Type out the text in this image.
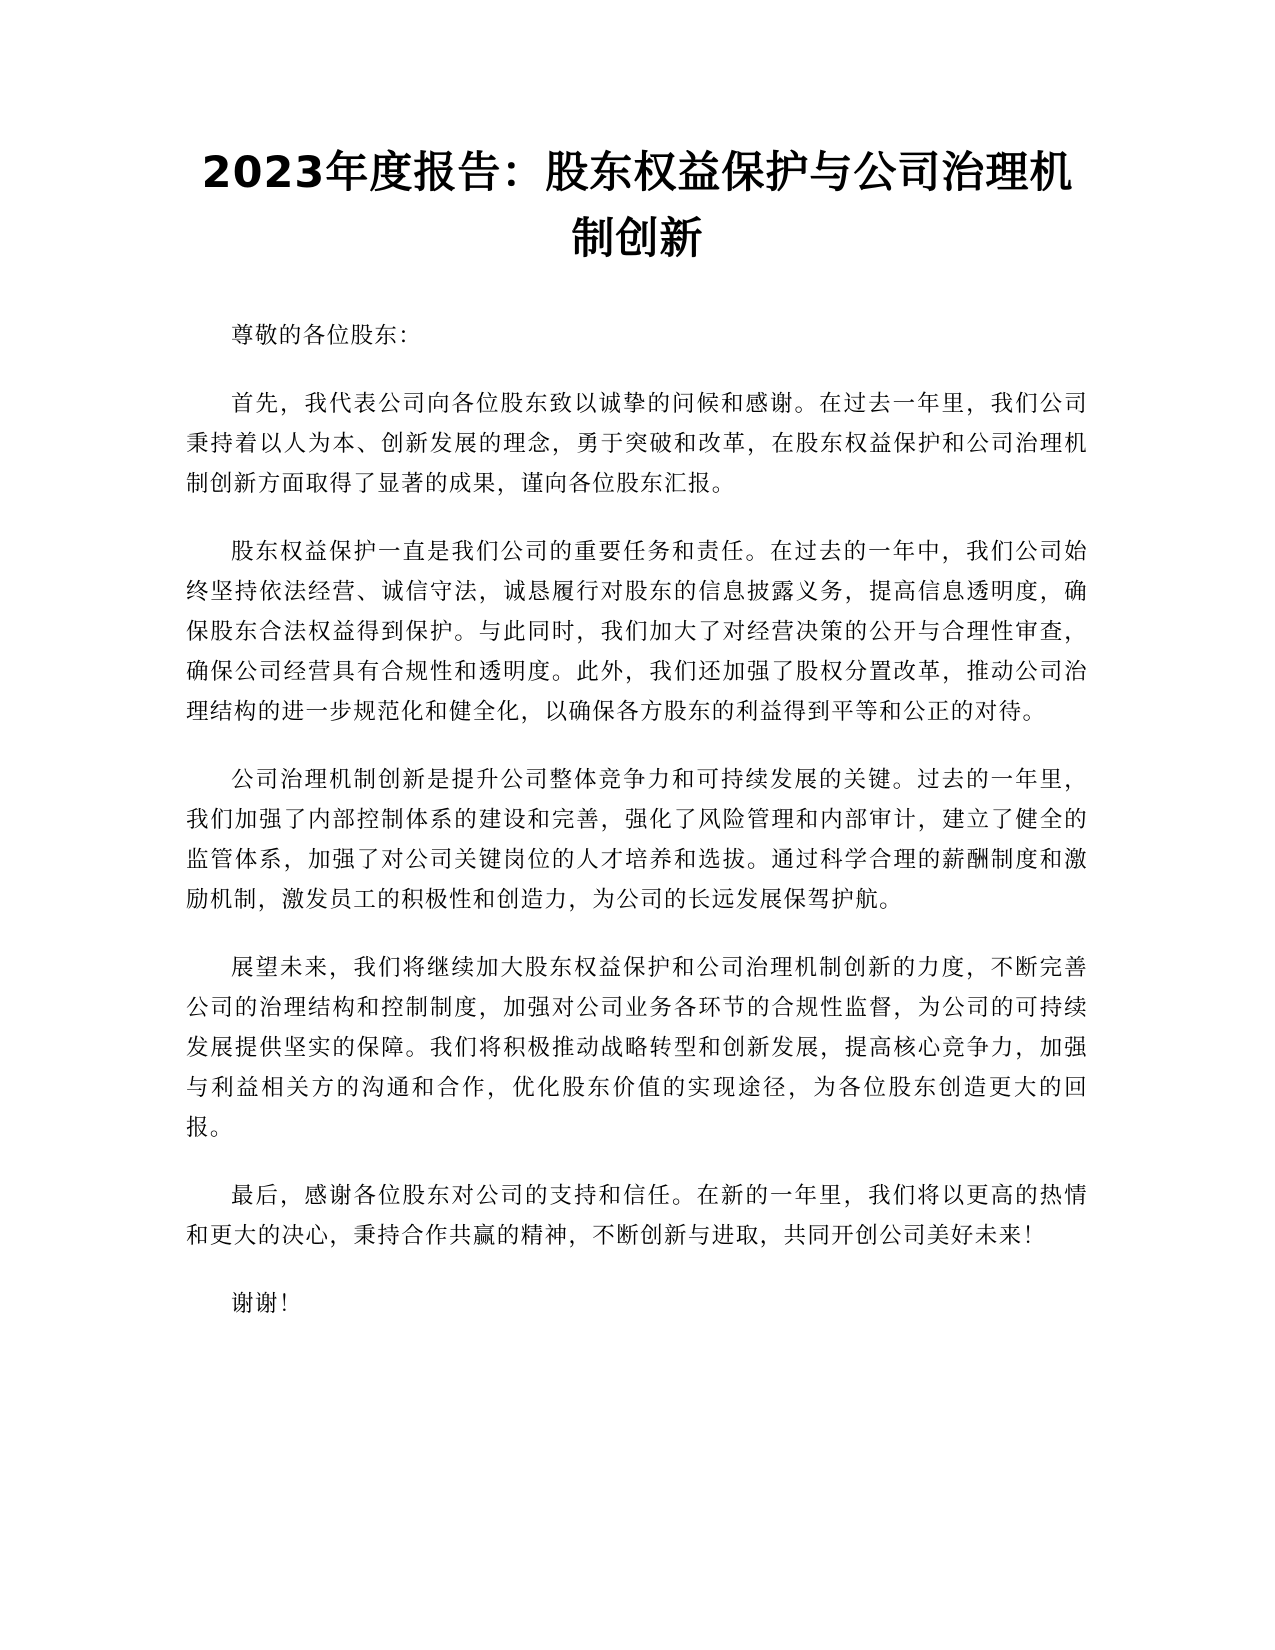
2023年度报告：股东权益保护与公司治理机制创新

尊敬的各位股东：

首先，我代表公司向各位股东致以诚挚的问候和感谢。在过去一年里，我们公司秉持着以人为本、创新发展的理念，勇于突破和改革，在股东权益保护和公司治理机制创新方面取得了显著的成果，谨向各位股东汇报。

股东权益保护一直是我们公司的重要任务和责任。在过去的一年中，我们公司始终坚持依法经营、诚信守法，诚恳履行对股东的信息披露义务，提高信息透明度，确保股东合法权益得到保护。与此同时，我们加大了对经营决策的公开与合理性审查，确保公司经营具有合规性和透明度。此外，我们还加强了股权分置改革，推动公司治理结构的进一步规范化和健全化，以确保各方股东的利益得到平等和公正的对待。

公司治理机制创新是提升公司整体竞争力和可持续发展的关键。过去的一年里，我们加强了内部控制体系的建设和完善，强化了风险管理和内部审计，建立了健全的监管体系，加强了对公司关键岗位的人才培养和选拔。通过科学合理的薪酬制度和激励机制，激发员工的积极性和创造力，为公司的长远发展保驾护航。

展望未来，我们将继续加大股东权益保护和公司治理机制创新的力度，不断完善公司的治理结构和控制制度，加强对公司业务各环节的合规性监督，为公司的可持续发展提供坚实的保障。我们将积极推动战略转型和创新发展，提高核心竞争力，加强与利益相关方的沟通和合作，优化股东价值的实现途径，为各位股东创造更大的回报。

最后，感谢各位股东对公司的支持和信任。在新的一年里，我们将以更高的热情和更大的决心，秉持合作共赢的精神，不断创新与进取，共同开创公司美好未来！

谢谢！
